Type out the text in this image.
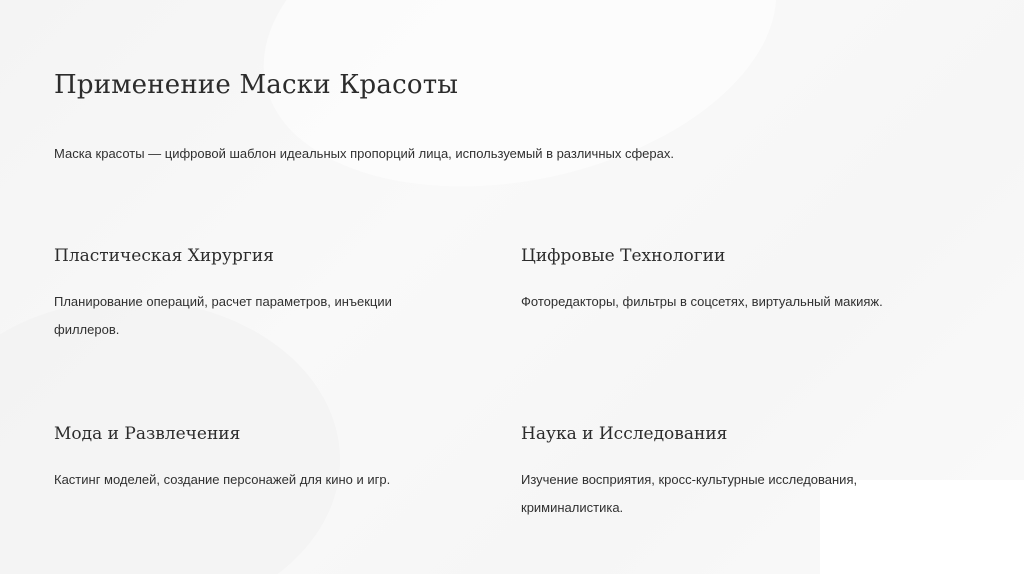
Применение Маски Красоты
Маска красоты — цифровой шаблон идеальных пропорций лица, используемый в различных сферах.
Пластическая Хирургия
Планирование операций, расчет параметров, инъекции филлеров.
Цифровые Технологии
Фоторедакторы, фильтры в соцсетях, виртуальный макияж.
Мода и Развлечения
Кастинг моделей, создание персонажей для кино и игр.
Наука и Исследования
Изучение восприятия, кросс-культурные исследования, криминалистика.
